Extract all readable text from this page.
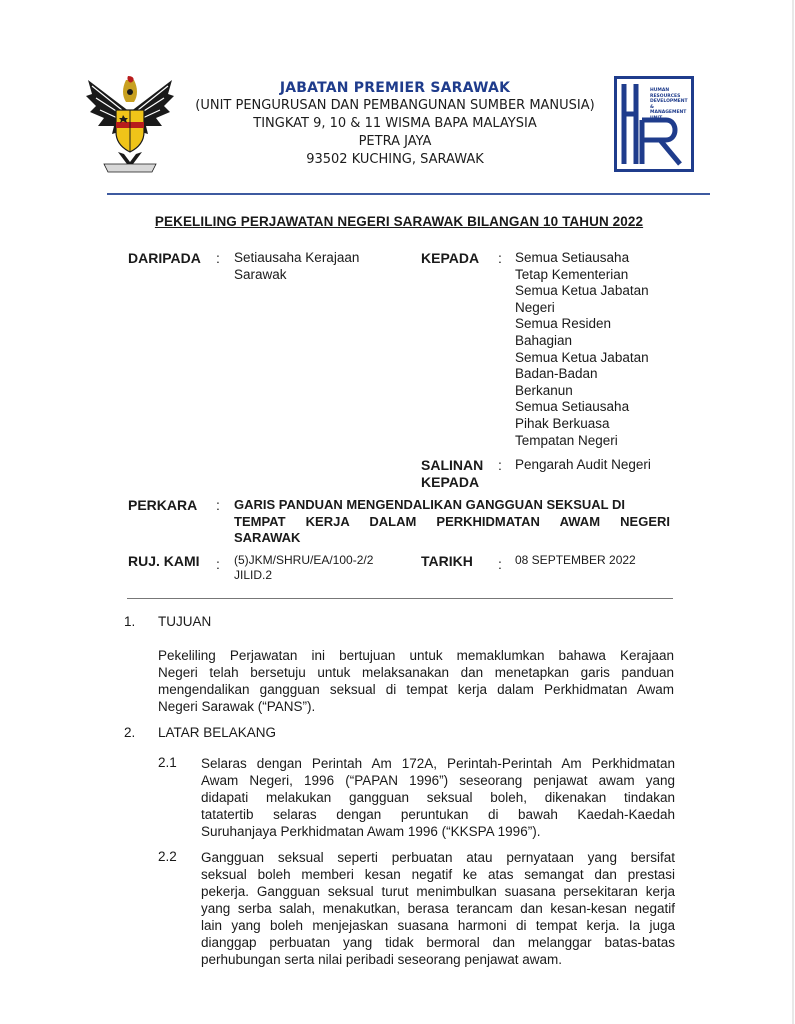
JABATAN PREMIER SARAWAK
(UNIT PENGURUSAN DAN PEMBANGUNAN SUMBER MANUSIA)
TINGKAT 9, 10 & 11 WISMA BAPA MALAYSIA
PETRA JAYA
93502 KUCHING, SARAWAK
HUMAN RESOURCES DEVELOPMENT & MANAGEMENT UNIT
PEKELILING PERJAWATAN NEGERI SARAWAK BILANGAN 10 TAHUN 2022
DARIPADA : Setiausaha Kerajaan
Sarawak
KEPADA : Semua Setiausaha
Tetap Kementerian
Semua Ketua Jabatan
Negeri
Semua Residen
Bahagian
Semua Ketua Jabatan
Badan-Badan
Berkanun
Semua Setiausaha
Pihak Berkuasa
Tempatan Negeri
SALINAN
KEPADA
: Pengarah Audit Negeri
PERKARA : GARIS PANDUAN MENGENDALIKAN GANGGUAN SEKSUAL DI
TEMPAT KERJA DALAM PERKHIDMATAN AWAM NEGERI
SARAWAK
RUJ. KAMI : (5)JKM/SHRU/EA/100-2/2
JILID.2
TARIKH : 08 SEPTEMBER 2022
1. TUJUAN
Pekeliling Perjawatan ini bertujuan untuk memaklumkan bahawa Kerajaan
Negeri telah bersetuju untuk melaksanakan dan menetapkan garis panduan
mengendalikan gangguan seksual di tempat kerja dalam Perkhidmatan Awam
Negeri Sarawak (“PANS”).
2. LATAR BELAKANG
2.1 Selaras dengan Perintah Am 172A, Perintah-Perintah Am Perkhidmatan
Awam Negeri, 1996 (“PAPAN 1996”) seseorang penjawat awam yang
didapati melakukan gangguan seksual boleh, dikenakan tindakan
tatatertib selaras dengan peruntukan di bawah Kaedah-Kaedah
Suruhanjaya Perkhidmatan Awam 1996 (“KKSPA 1996”).
2.2 Gangguan seksual seperti perbuatan atau pernyataan yang bersifat
seksual boleh memberi kesan negatif ke atas semangat dan prestasi
pekerja. Gangguan seksual turut menimbulkan suasana persekitaran kerja
yang serba salah, menakutkan, berasa terancam dan kesan-kesan negatif
lain yang boleh menjejaskan suasana harmoni di tempat kerja. Ia juga
dianggap perbuatan yang tidak bermoral dan melanggar batas-batas
perhubungan serta nilai peribadi seseorang penjawat awam.
